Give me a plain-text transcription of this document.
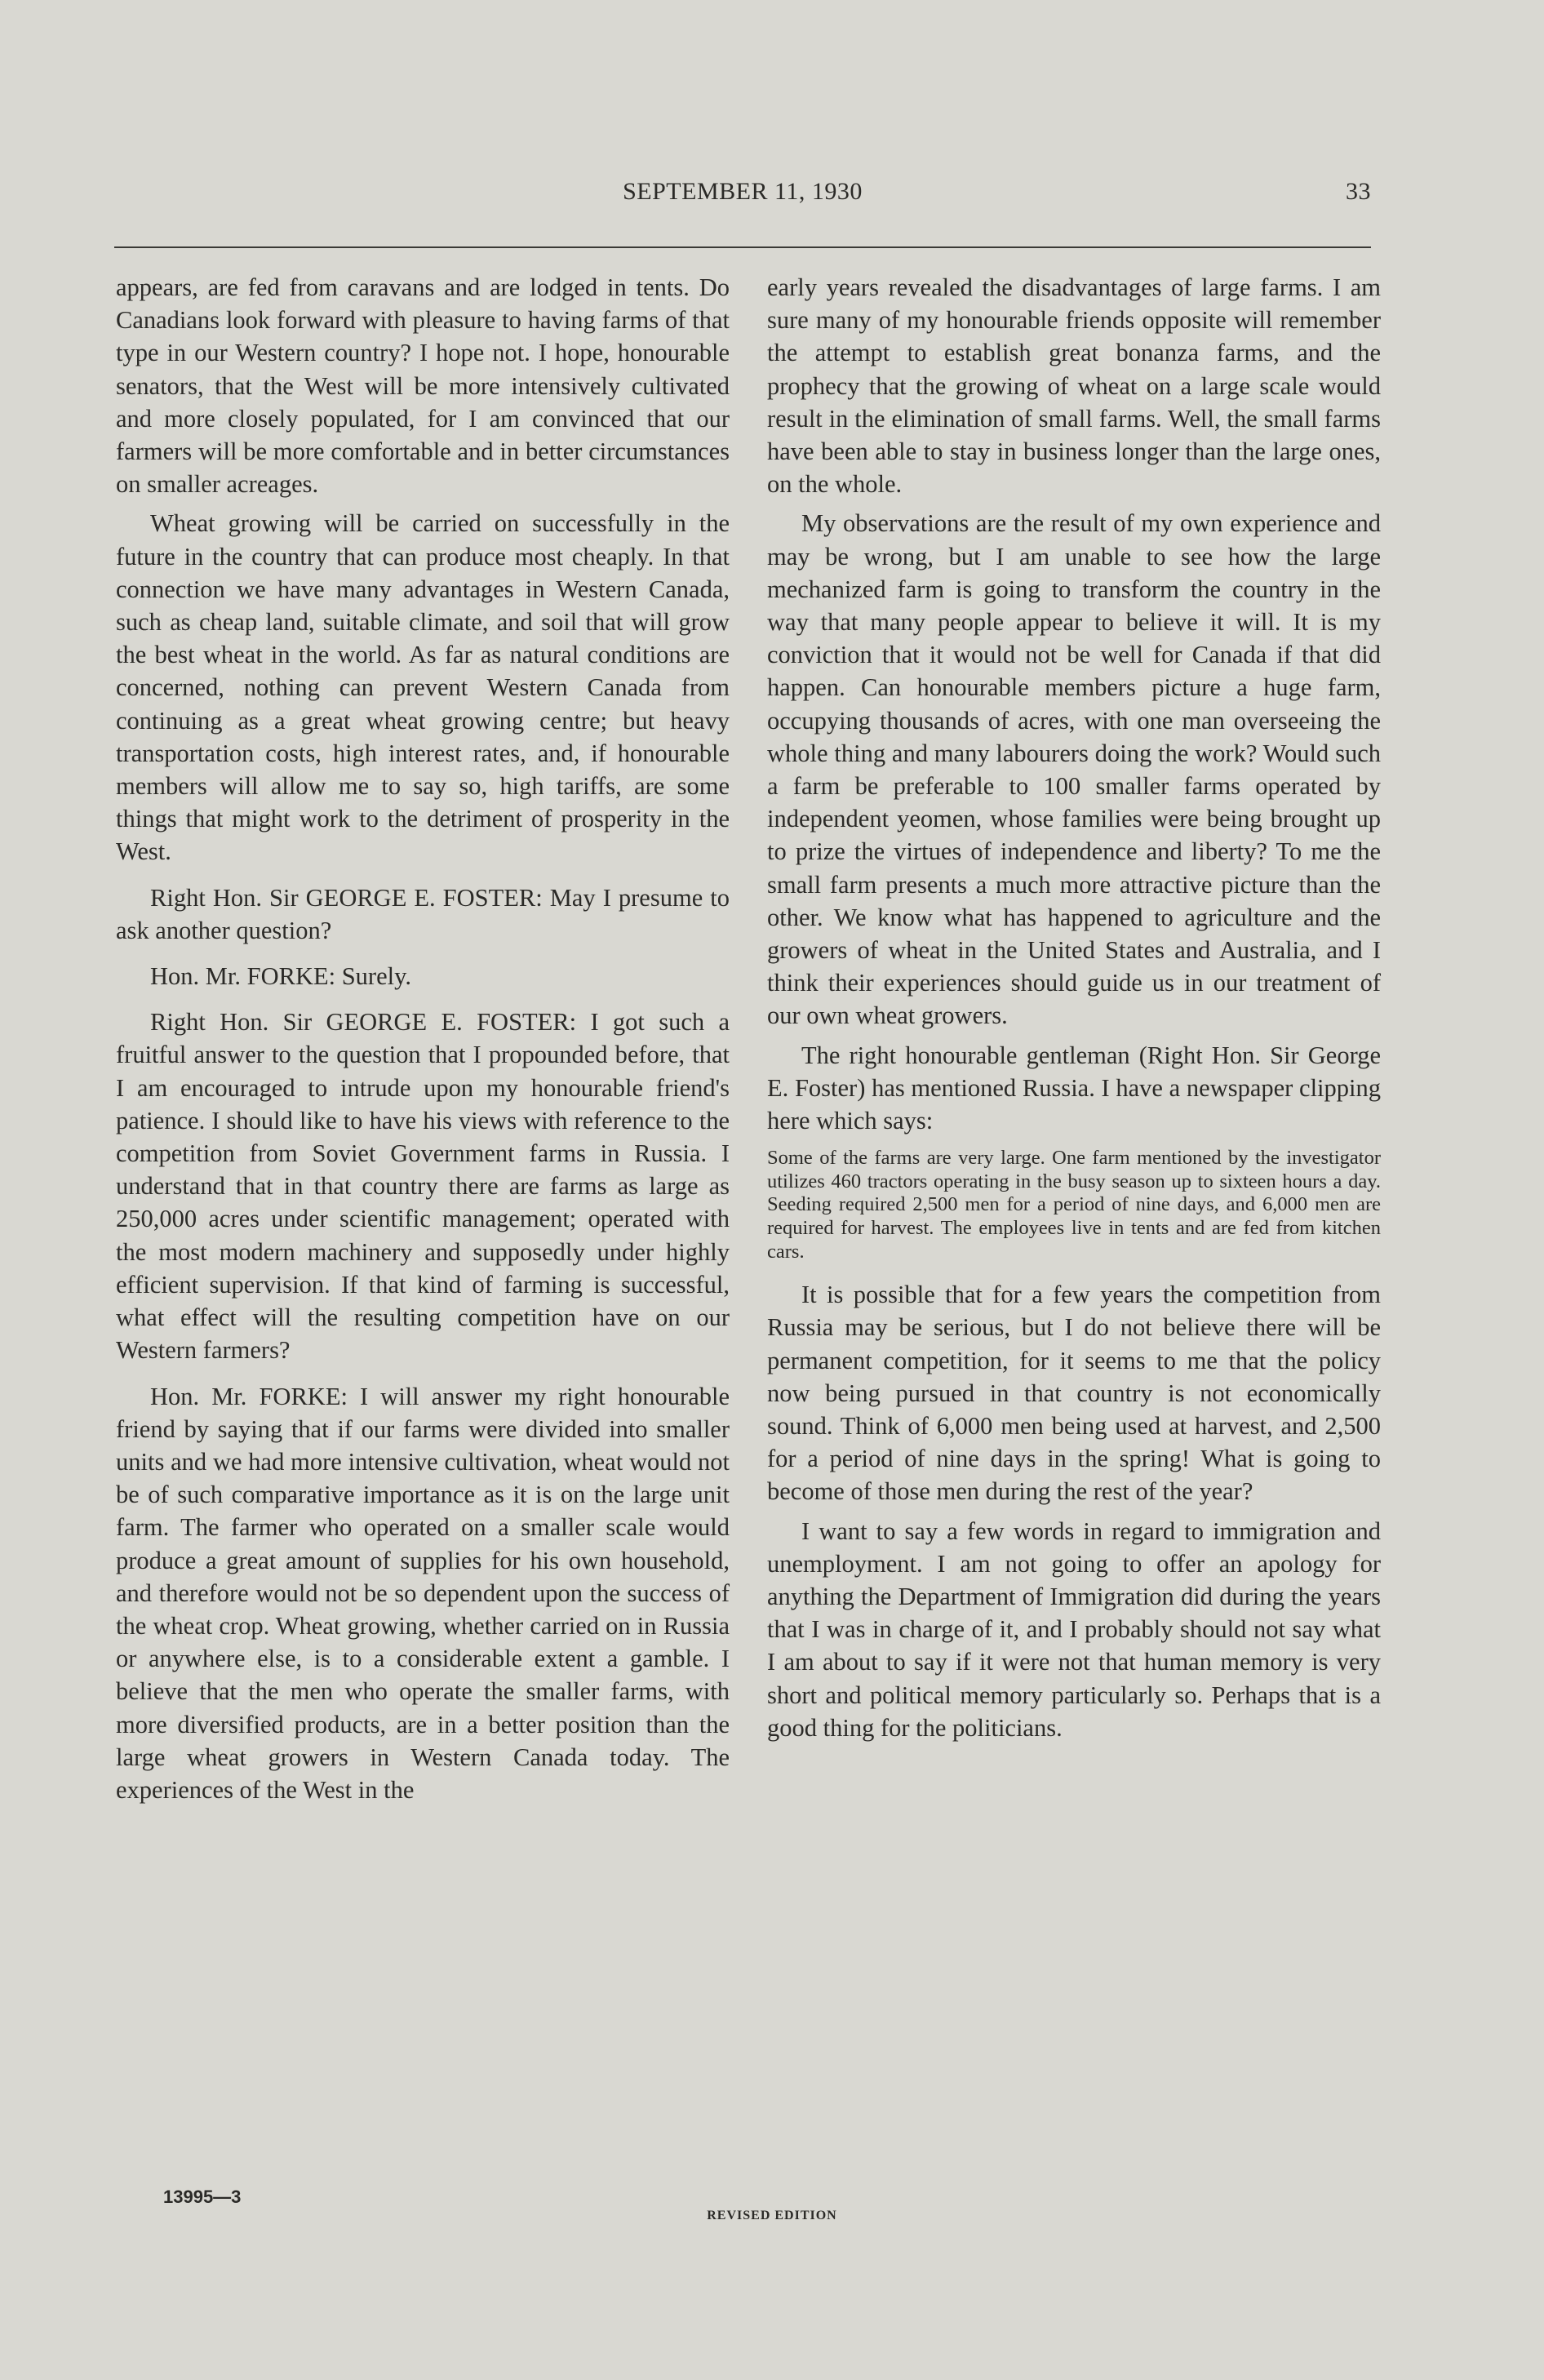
SEPTEMBER 11, 1930	33

appears, are fed from caravans and are lodged in tents. Do Canadians look forward with pleasure to having farms of that type in our Western country? I hope not. I hope, honourable senators, that the West will be more intensively cultivated and more closely populated, for I am convinced that our farmers will be more comfortable and in better circumstances on smaller acreages.

Wheat growing will be carried on successfully in the future in the country that can produce most cheaply. In that connection we have many advantages in Western Canada, such as cheap land, suitable climate, and soil that will grow the best wheat in the world. As far as natural conditions are concerned, nothing can prevent Western Canada from continuing as a great wheat growing centre; but heavy transportation costs, high interest rates, and, if honourable members will allow me to say so, high tariffs, are some things that might work to the detriment of prosperity in the West.

Right Hon. Sir GEORGE E. FOSTER: May I presume to ask another question?

Hon. Mr. FORKE: Surely.

Right Hon. Sir GEORGE E. FOSTER: I got such a fruitful answer to the question that I propounded before, that I am encouraged to intrude upon my honourable friend's patience. I should like to have his views with reference to the competition from Soviet Government farms in Russia. I understand that in that country there are farms as large as 250,000 acres under scientific management; operated with the most modern machinery and supposedly under highly efficient supervision. If that kind of farming is successful, what effect will the resulting competition have on our Western farmers?

Hon. Mr. FORKE: I will answer my right honourable friend by saying that if our farms were divided into smaller units and we had more intensive cultivation, wheat would not be of such comparative importance as it is on the large unit farm. The farmer who operated on a smaller scale would produce a great amount of supplies for his own household, and therefore would not be so dependent upon the success of the wheat crop. Wheat growing, whether carried on in Russia or anywhere else, is to a considerable extent a gamble. I believe that the men who operate the smaller farms, with more diversified products, are in a better position than the large wheat growers in Western Canada today. The experiences of the West in the

early years revealed the disadvantages of large farms. I am sure many of my honourable friends opposite will remember the attempt to establish great bonanza farms, and the prophecy that the growing of wheat on a large scale would result in the elimination of small farms. Well, the small farms have been able to stay in business longer than the large ones, on the whole.

My observations are the result of my own experience and may be wrong, but I am unable to see how the large mechanized farm is going to transform the country in the way that many people appear to believe it will. It is my conviction that it would not be well for Canada if that did happen. Can honourable members picture a huge farm, occupying thousands of acres, with one man overseeing the whole thing and many labourers doing the work? Would such a farm be preferable to 100 smaller farms operated by independent yeomen, whose families were being brought up to prize the virtues of independence and liberty? To me the small farm presents a much more attractive picture than the other. We know what has happened to agriculture and the growers of wheat in the United States and Australia, and I think their experiences should guide us in our treatment of our own wheat growers.

The right honourable gentleman (Right Hon. Sir George E. Foster) has mentioned Russia. I have a newspaper clipping here which says:

Some of the farms are very large. One farm mentioned by the investigator utilizes 460 tractors operating in the busy season up to sixteen hours a day. Seeding required 2,500 men for a period of nine days, and 6,000 men are required for harvest. The employees live in tents and are fed from kitchen cars.

It is possible that for a few years the competition from Russia may be serious, but I do not believe there will be permanent competition, for it seems to me that the policy now being pursued in that country is not economically sound. Think of 6,000 men being used at harvest, and 2,500 for a period of nine days in the spring! What is going to become of those men during the rest of the year?

I want to say a few words in regard to immigration and unemployment. I am not going to offer an apology for anything the Department of Immigration did during the years that I was in charge of it, and I probably should not say what I am about to say if it were not that human memory is very short and political memory particularly so. Perhaps that is a good thing for the politicians.

13995—3
REVISED EDITION
